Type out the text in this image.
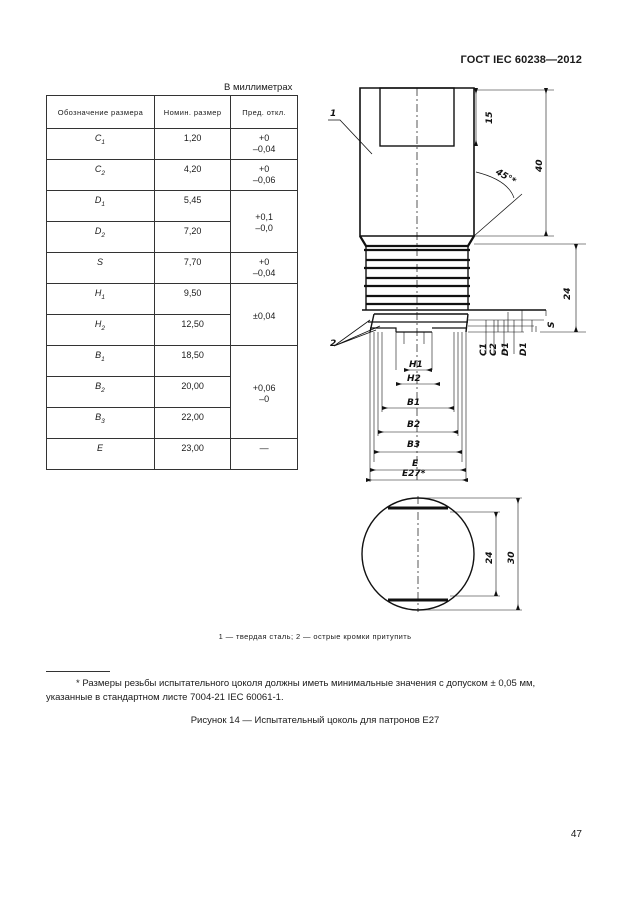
ГОСТ IEC 60238—2012
В миллиметрах
Обозначение размера	Номин. размер	Пред. откл.
$C_1$	1,20	+0
–0,04

$C_2$	4,20	+0
–0,06

$D_1$	5,45	+0,1
–0,0

$D_2$	7,20	
S	7,70	+0
–0,04

$H_1$	9,50	±0,04

$H_2$	12,50	
$B_1$	18,50	+0,06
–0

$B_2$	20,00	
$B_3$	22,00	
E	23,00	—
1
2
15
40
45°*
24
S
C1 C2 D1 D1
H1
H2
B1
B2
B3
E
E27*
24 30
1 — твердая сталь; 2 — острые кромки притупить
* Размеры резьбы испытательного цоколя должны иметь минимальные значения с допуском ± 0,05 мм, указанные в стандартном листе 7004-21 IEC 60061-1.
Рисунок 14 — Испытательный цоколь для патронов E27
47
